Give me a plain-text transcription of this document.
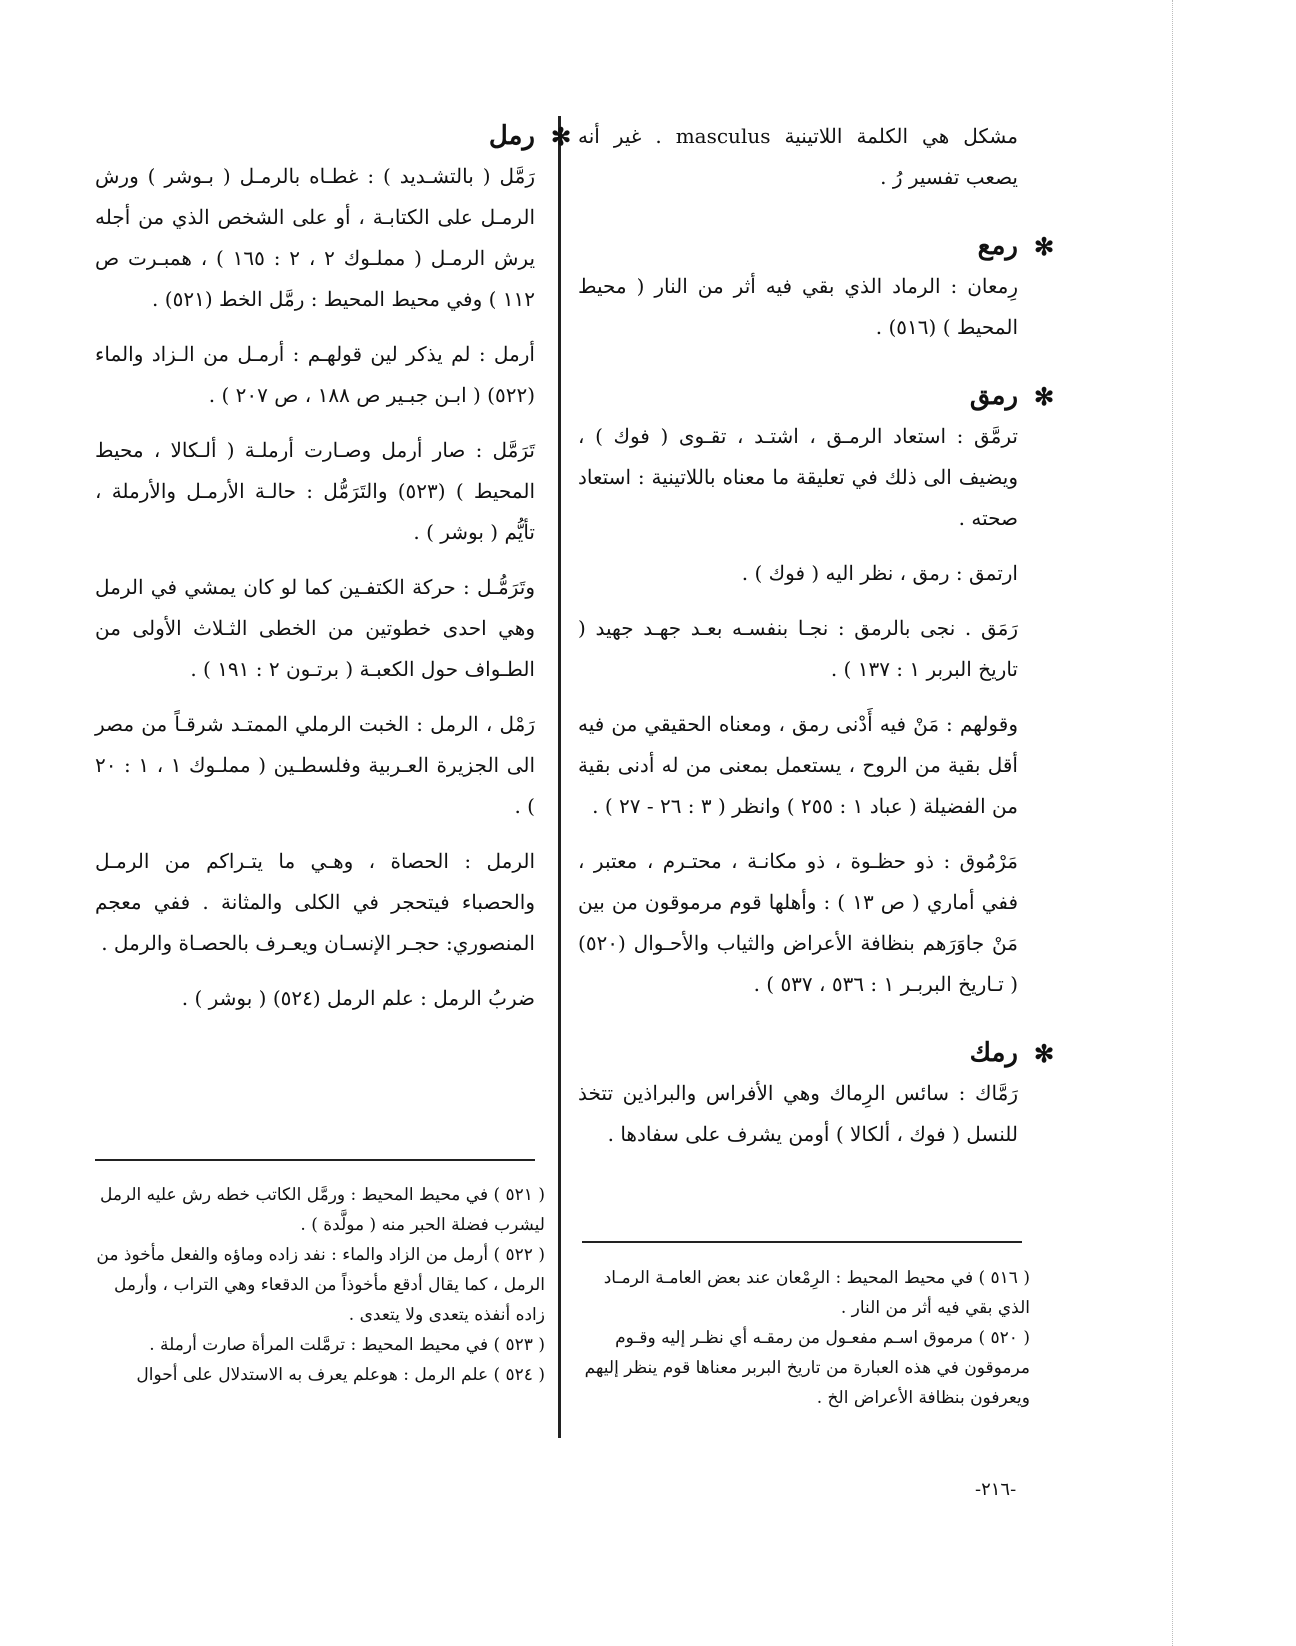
مشكل هي الكلمة اللاتينية masculus . غير أنه يصعب تفسير رُ .

✻
رمع

رِمعان : الرماد الذي بقي فيه أثر من النار ( محيط المحيط ) (٥١٦) .

✻
رمق

ترمَّق : استعاد الرمـق ، اشتـد ، تقـوى ( فوك ) ، ويضيف الى ذلك في تعليقة ما معناه باللاتينية : استعاد صحته .

ارتمق : رمق ، نظر اليه ( فوك ) .

رَمَق . نجى بالرمق : نجـا بنفسـه بعـد جهـد جهيد ( تاريخ البربر ١ : ١٣٧ ) .

وقولهم : مَنْ فيه أَدْنى رمق ، ومعناه الحقيقي من فيه أقل بقية من الروح ، يستعمل بمعنى من له أدنى بقية من الفضيلة ( عباد ١ : ٢٥٥ ) وانظر ( ٣ : ٢٦ - ٢٧ ) .

مَرْمُوق : ذو حظـوة ، ذو مكانـة ، محتـرم ، معتبر ، ففي أماري ( ص ١٣ ) : وأهلها قوم مرموقون من بين مَنْ جاوَرَهم بنظافة الأعراض والثياب والأحـوال (٥٢٠) ( تـاريخ البربـر ١ : ٥٣٦ ، ٥٣٧ ) .

✻
رمك

رَمَّاك : سائس الرِماك وهي الأفراس والبراذين تتخذ للنسل ( فوك ، ألكالا ) أومن يشرف على سفادها .

✻
رمل

رَمَّل ( بالتشـديد ) : غطـاه بالرمـل ( بـوشر ) ورش الرمـل على الكتابـة ، أو على الشخص الذي من أجله يرش الرمـل ( مملـوك ٢ ، ٢ : ١٦٥ ) ، همبـرت ص ١١٢ ) وفي محيط المحيط : رمَّل الخط (٥٢١) .

أرمل : لم يذكر لين قولهـم : أرمـل من الـزاد والماء (٥٢٢) ( ابـن جبـير ص ١٨٨ ، ص ٢٠٧ ) .

تَرَمَّل : صار أرمل وصـارت أرملـة ( ألـكالا ، محيط المحيط ) (٥٢٣) والتَرَمُّل : حالـة الأرمـل والأرملة ، تأيُّم ( بوشر ) .

وتَرَمُّـل : حركة الكتفـين كما لو كان يمشي في الرمل وهي احدى خطوتين من الخطى الثـلاث الأولى من الطـواف حول الكعبـة ( برتـون ٢ : ١٩١ ) .

رَمْل ، الرمل : الخبت الرملي الممتـد شرقـاً من مصر الى الجزيرة العـربية وفلسطـين ( مملـوك ١ ، ١ : ٢٠ ) .

الرمل : الحصاة ، وهـي ما يتـراكم من الرمـل والحصباء فيتحجر في الكلى والمثانة . ففي معجم المنصوري: حجـر الإنسـان ويعـرف بالحصـاة والرمل .

ضربُ الرمل : علم الرمل (٥٢٤) ( بوشر ) .

( ٥٢١ ) في محيط المحيط : ورمَّل الكاتب خطه رش عليه الرمل ليشرب فضلة الحبر منه ( مولَّدة ) .

( ٥٢٢ ) أرمل من الزاد والماء : نفد زاده وماؤه والفعل مأخوذ من الرمل ، كما يقال أدقع مأخوذاً من الدقعاء وهي التراب ، وأرمل زاده أنفذه يتعدى ولا يتعدى .

( ٥٢٣ ) في محيط المحيط : ترمَّلت المرأة صارت أرملة .

( ٥٢٤ ) علم الرمل : هوعلم يعرف به الاستدلال على أحوال

( ٥١٦ ) في محيط المحيط : الرِمْعان عند بعض العامـة الرمـاد الذي بقي فيه أثر من النار .

( ٥٢٠ ) مرموق اسـم مفعـول من رمقـه أي نظـر إليه وقـوم مرموقون في هذه العبارة من تاريخ البربر معناها قوم ينظر إليهم ويعرفون بنظافة الأعراض الخ .

-٢١٦-
